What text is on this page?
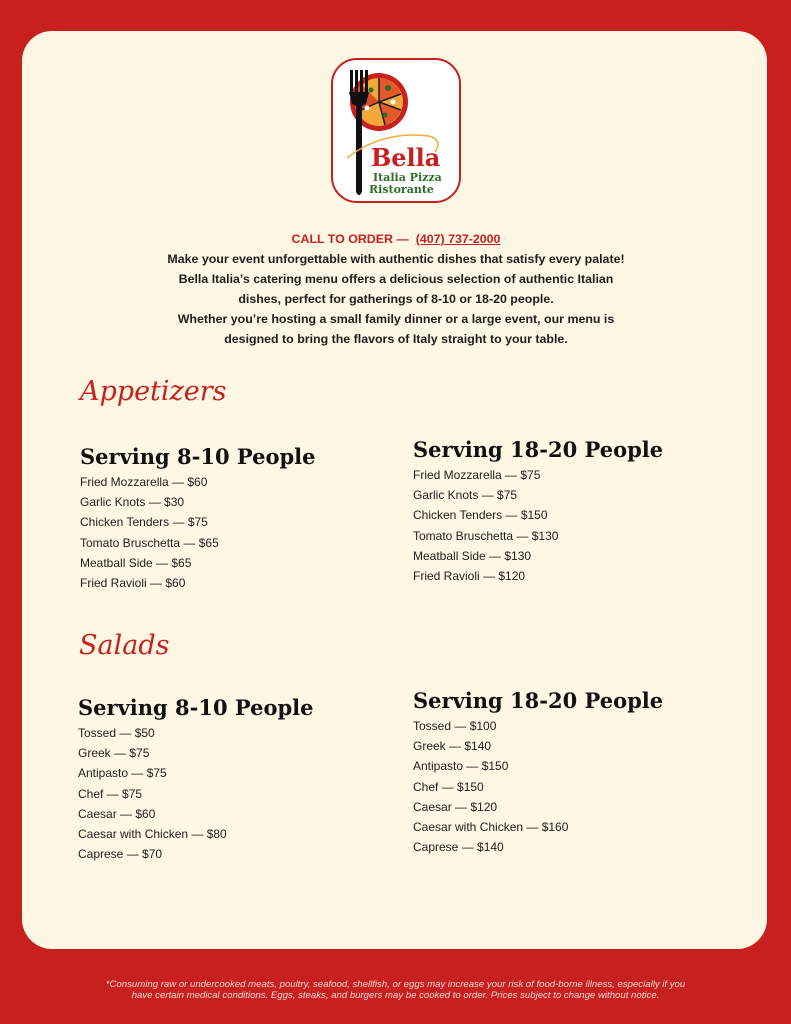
Bella
Italia Pizza
Ristorante
CALL TO ORDER — (407) 737-2000
Make your event unforgettable with authentic dishes that satisfy every palate!
Bella Italia’s catering menu offers a delicious selection of authentic Italian
dishes, perfect for gatherings of 8-10 or 18-20 people.
Whether you’re hosting a small family dinner or a large event, our menu is
designed to bring the flavors of Italy straight to your table.
Appetizers
Serving 8-10 People
Fried Mozzarella — $60
Garlic Knots — $30
Chicken Tenders — $75
Tomato Bruschetta — $65
Meatball Side — $65
Fried Ravioli — $60
Serving 18-20 People
Fried Mozzarella — $75
Garlic Knots — $75
Chicken Tenders — $150
Tomato Bruschetta — $130
Meatball Side — $130
Fried Ravioli — $120
Salads
Serving 8-10 People
Tossed — $50
Greek — $75
Antipasto — $75
Chef — $75
Caesar — $60
Caesar with Chicken — $80
Caprese — $70
Serving 18-20 People
Tossed — $100
Greek — $140
Antipasto — $150
Chef — $150
Caesar — $120
Caesar with Chicken — $160
Caprese — $140
*Consuming raw or undercooked meats, poultry, seafood, shellfish, or eggs may increase your risk of food-borne illness, especially if you
have certain medical conditions. Eggs, steaks, and burgers may be cooked to order. Prices subject to change without notice.
